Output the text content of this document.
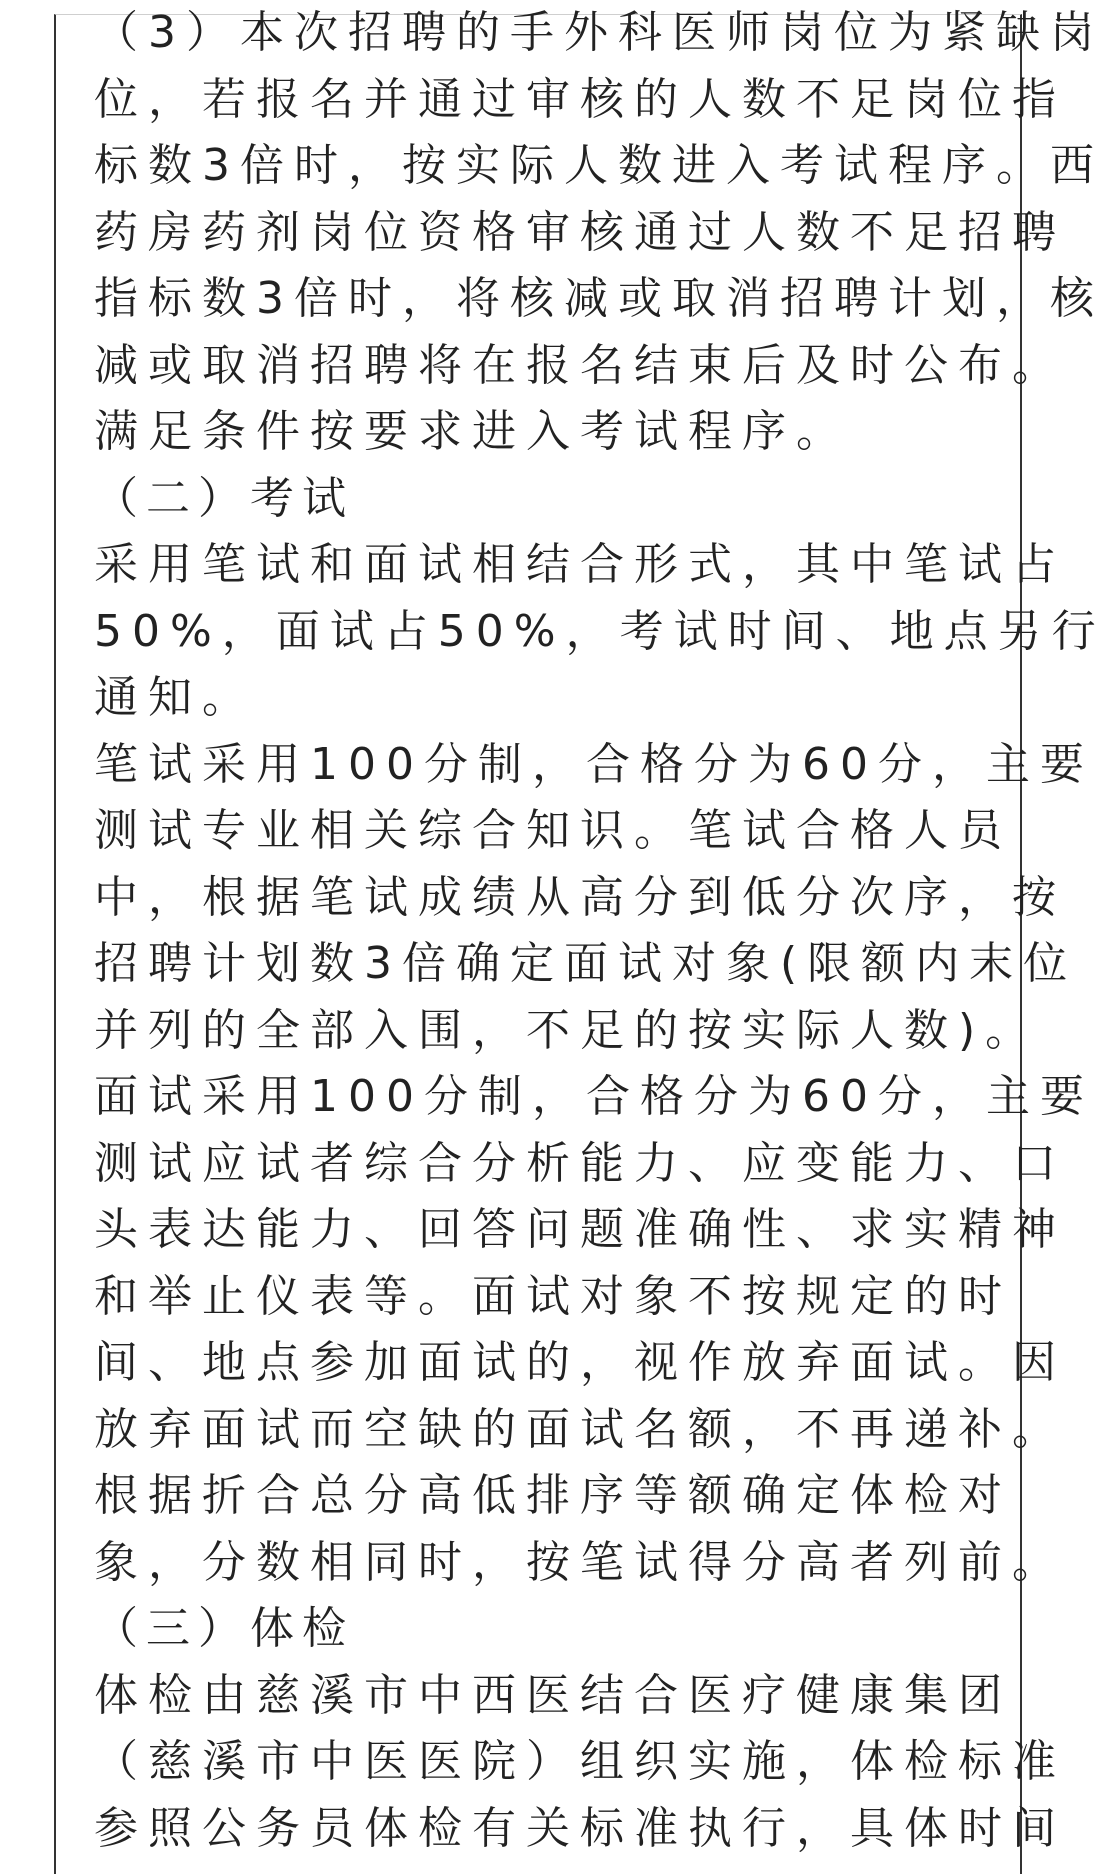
（3）本次招聘的手外科医师岗位为紧缺岗
位，若报名并通过审核的人数不足岗位指
标数3倍时，按实际人数进入考试程序。西
药房药剂岗位资格审核通过人数不足招聘
指标数3倍时，将核减或取消招聘计划，核
减或取消招聘将在报名结束后及时公布。
满足条件按要求进入考试程序。
（二）考试
采用笔试和面试相结合形式，其中笔试占
50%，面试占50%，考试时间、地点另行
通知。
笔试采用100分制，合格分为60分，主要
测试专业相关综合知识。笔试合格人员
中，根据笔试成绩从高分到低分次序，按
招聘计划数3倍确定面试对象(限额内末位
并列的全部入围，不足的按实际人数)。
面试采用100分制，合格分为60分，主要
测试应试者综合分析能力、应变能力、口
头表达能力、回答问题准确性、求实精神
和举止仪表等。面试对象不按规定的时
间、地点参加面试的，视作放弃面试。因
放弃面试而空缺的面试名额，不再递补。
根据折合总分高低排序等额确定体检对
象，分数相同时，按笔试得分高者列前。
（三）体检
体检由慈溪市中西医结合医疗健康集团
（慈溪市中医医院）组织实施，体检标准
参照公务员体检有关标准执行，具体时间
